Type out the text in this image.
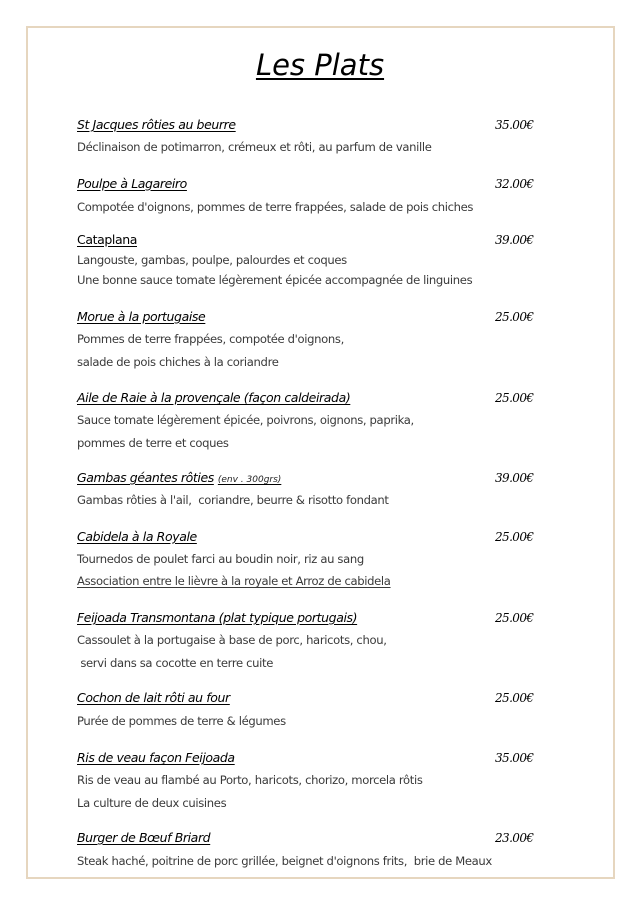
Les Plats
St Jacques rôties au beurre	35.00€
Déclinaison de potimarron, crémeux et rôti, au parfum de vanille
Poulpe à Lagareiro	32.00€
Compotée d'oignons, pommes de terre frappées, salade de pois chiches
Cataplana	39.00€
Langouste, gambas, poulpe, palourdes et coques
Une bonne sauce tomate légèrement épicée accompagnée de linguines
Morue à la portugaise	25.00€
Pommes de terre frappées, compotée d'oignons,
salade de pois chiches à la coriandre
Aile de Raie à la provençale (façon caldeirada)	25.00€
Sauce tomate légèrement épicée, poivrons, oignons, paprika,
pommes de terre et coques
Gambas géantes rôties (env . 300grs)	39.00€
Gambas rôties à l'ail,  coriandre, beurre & risotto fondant
Cabidela à la Royale	25.00€
Tournedos de poulet farci au boudin noir, riz au sang
Association entre le lièvre à la royale et Arroz de cabidela
Feijoada Transmontana (plat typique portugais)	25.00€
Cassoulet à la portugaise à base de porc, haricots, chou,
servi dans sa cocotte en terre cuite
Cochon de lait rôti au four	25.00€
Purée de pommes de terre & légumes
Ris de veau façon Feijoada	35.00€
Ris de veau au flambé au Porto, haricots, chorizo, morcela rôtis
La culture de deux cuisines
Burger de Bœuf Briard	23.00€
Steak haché, poitrine de porc grillée, beignet d'oignons frits,  brie de Meaux
